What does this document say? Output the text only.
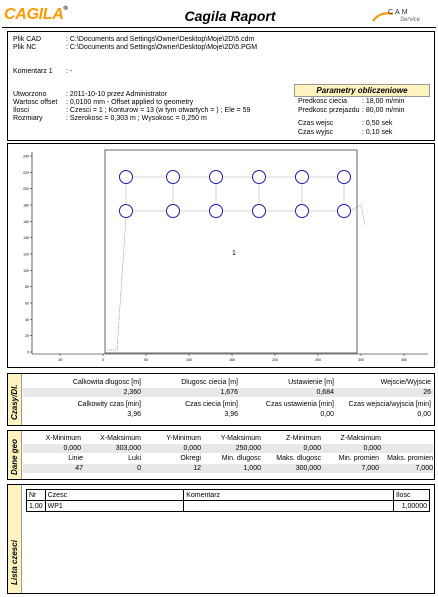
CAGILA®	Cagila Raport	CAM
Service
Plik CAD	: C:\Documents and Settings\Owner\Desktop\Moje\2D\5.cdm
Plik NC	: C:\Documents and Settings\Owner\Desktop\Moje\2D\5.PGM
Komentarz 1 : -
Utworzono	: 2011-10-10 przez Administrator
Wartosc offset : 0,0100 mm - Offset applied to geometry
Ilosci	: Czesci = 1 ; Konturow = 13 (w tym otwartych = ) ; Ele = 59
Rozmiary	: Szerokosc = 0,303 m ; Wysokosc = 0,250 m
Parametry obliczeniowe
Predkosc ciecia : 18,00 m/min
Predkosc przejazdu : 80,00 m/min
Czas wejsc	: 0,50 sek
Czas wyjsc	: 0,10 sek
240
220
200
180
160
140
120
100
80
60
40
20
0
-50	0	50	100	150	200	250	300	350
1
Czasy/Dl.
Calkowita dlugosc [m]	Dlugosc ciecia [m]	Ustawienie [m]	Wejscie/Wyjscie
2,360	1,676	0,684	26
Calkowity czas [min]	Czas ciecia [min]	Czas ustawienia [min]	Czas wejscia/wyjscia [min]
3,96	3,96	0,00	0,00
Dane geo
X-Minimum	X-Maksimum	Y-Minimum	Y-Maksimum	Z-Minimum	Z-Maksimum
0,000	303,000	0,000	250,000	0,000	0,000
Linie	Luki	Okregi	Min. dlugosc	Maks. dlugosc	Min. promien	Maks. promien
47	0	12	1,000	300,000	7,000	7,000
Lista czesci
Nr	Czesc	Komentarz	Ilosc
1,00	WP1		1,00000
